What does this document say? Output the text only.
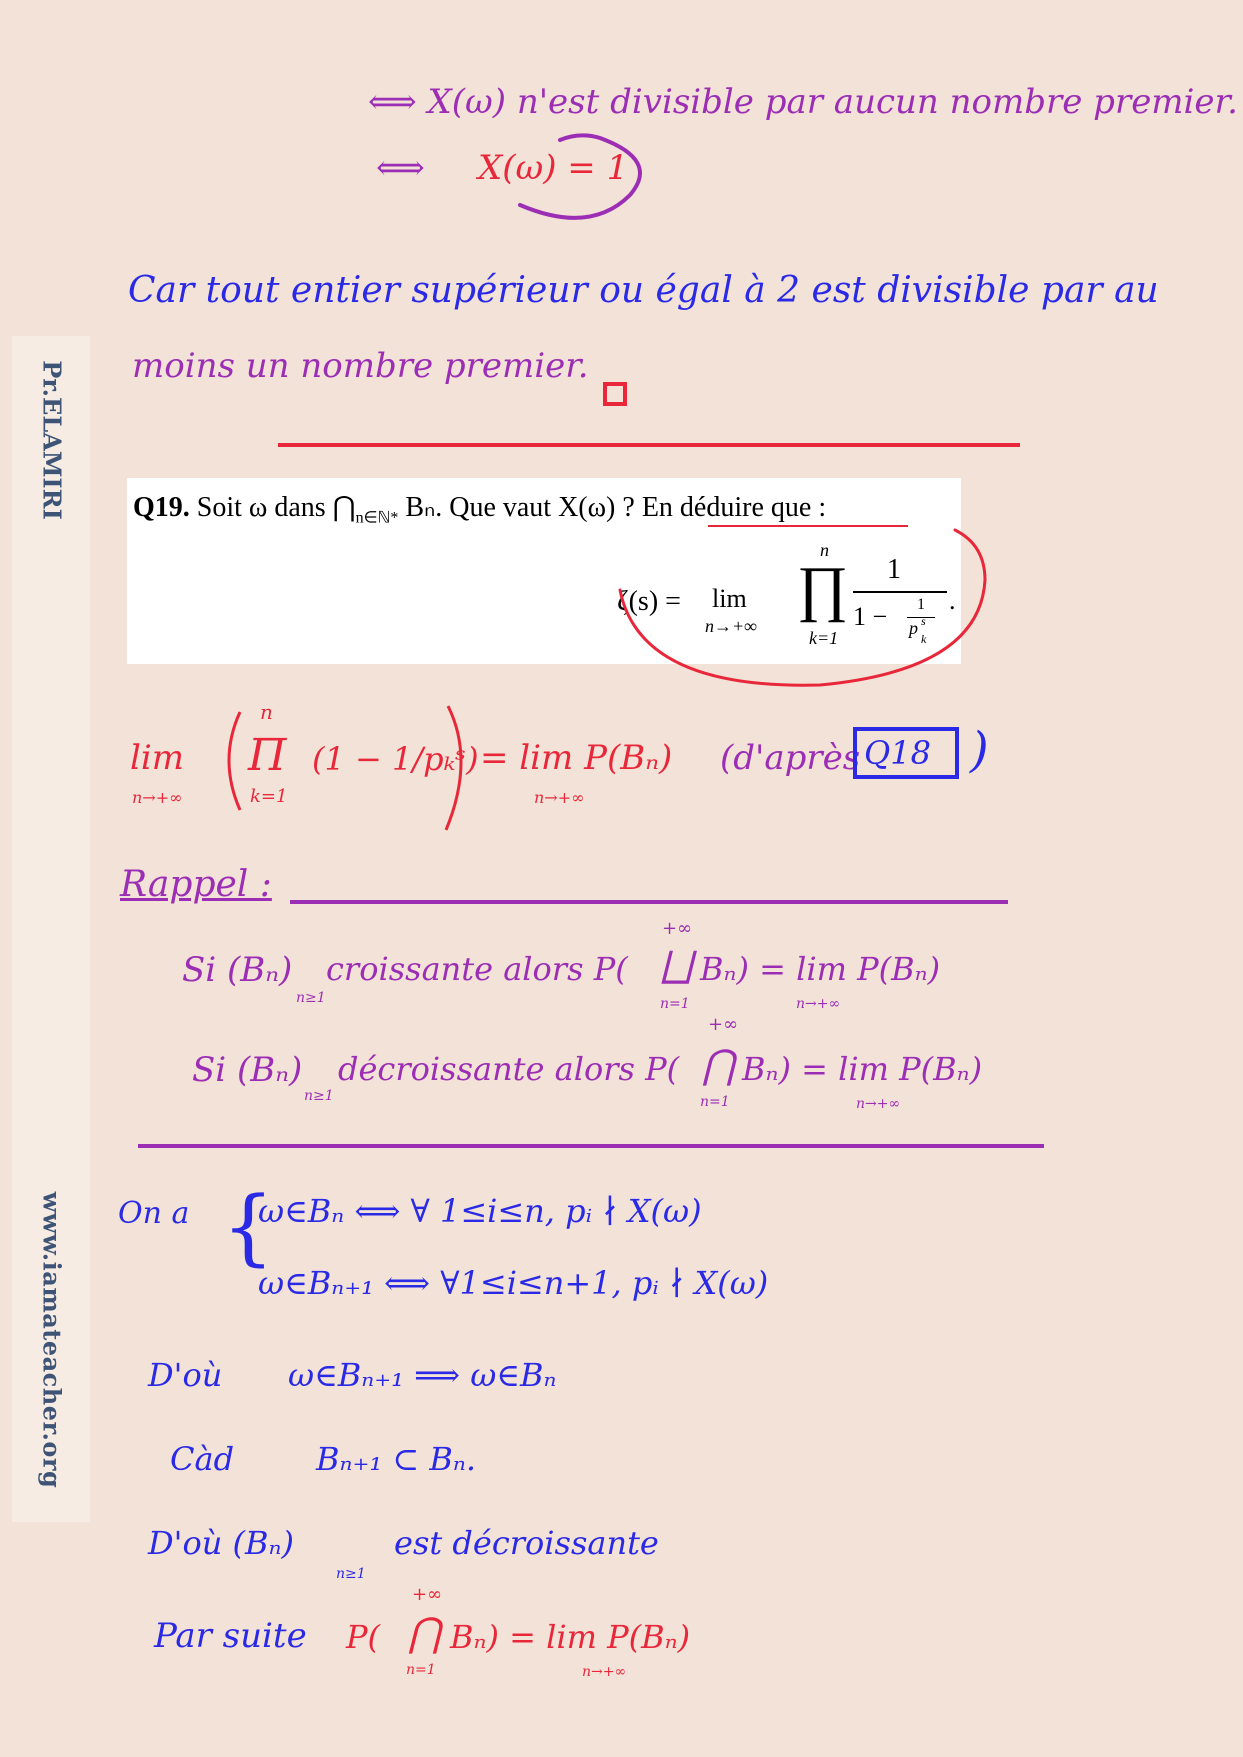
Pr.ELAMIRI
www.iamateacher.org
⟺ X(ω) n'est divisible par aucun nombre premier.
⟺ X(ω) = 1
Car tout entier supérieur ou égal à 2 est divisible par au
moins un nombre premier.
Q19. Soit ω dans $⋂_{n\in ℕ*}$ Bₙ. Que vaut X(ω) ? En déduire que :
ζ(s) = lim
n→+∞
n
∏
k=1
1
1 − 1
p s
k
.
lim
n→+∞
n
Π
k=1
(1 − 1/pₖˢ) = lim P(Bₙ)
n→+∞
(d'après Q18 )
Rappel :
Si (Bₙ)
n≥1
croissante alors P(
+∞
⨆
n=1
Bₙ) = lim P(Bₙ)
n→+∞
Si (Bₙ)
n≥1
décroissante alors P(
+∞
⋂
n=1
Bₙ) = lim P(Bₙ)
n→+∞
On a {
ω∈Bₙ ⟺ ∀ 1≤i≤n, pᵢ ∤ X(ω)
ω∈Bₙ₊₁ ⟺ ∀1≤i≤n+1, pᵢ ∤ X(ω)
D'où ω∈Bₙ₊₁ ⟹ ω∈Bₙ
Càd	Bₙ₊₁ ⊂ Bₙ.
D'où (Bₙ)
n≥1
est décroissante
Par suite P(
+∞
⋂
n=1
Bₙ) = lim P(Bₙ)
n→+∞
